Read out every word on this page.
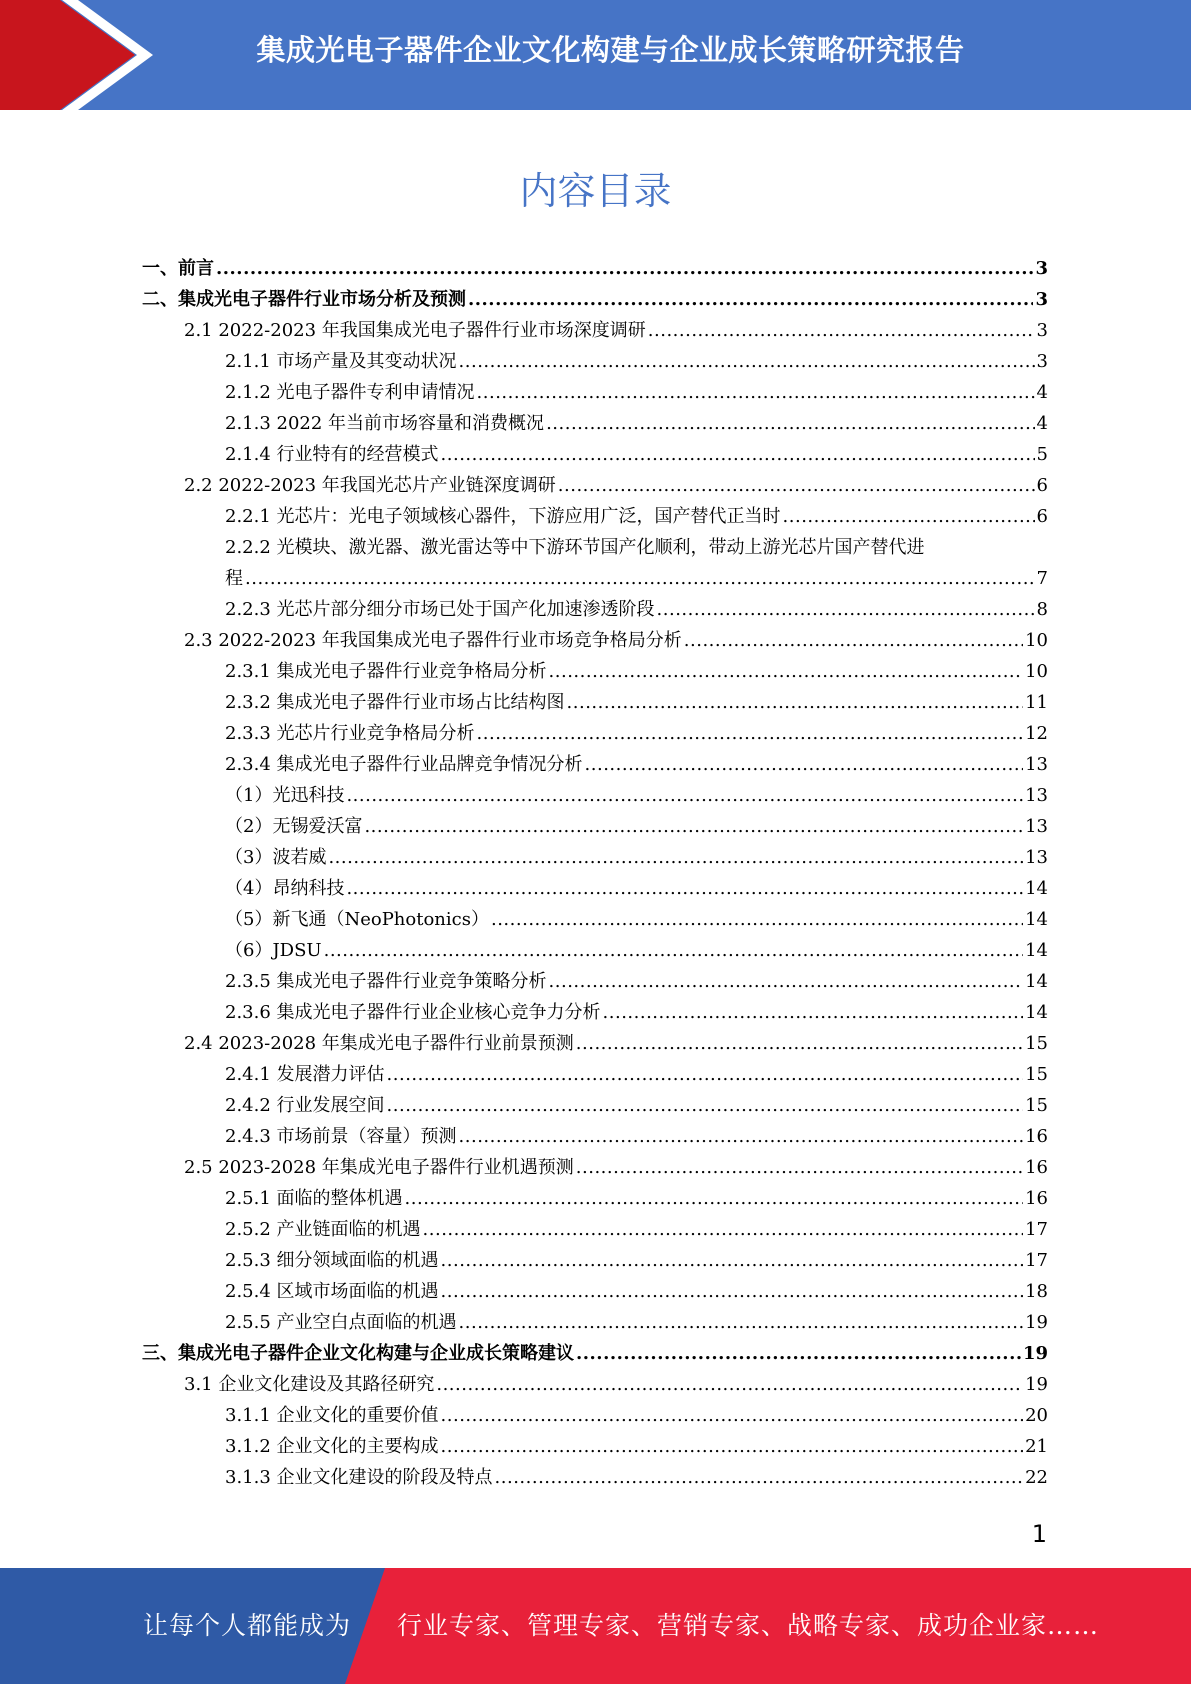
集成光电子器件企业文化构建与企业成长策略研究报告
内容目录
一、前言 .....	3
二、集成光电子器件行业市场分析及预测 .....	3
2.1 2022-2023 年我国集成光电子器件行业市场深度调研 .....	3
2.1.1 市场产量及其变动状况 .....	3
2.1.2 光电子器件专利申请情况 .....	4
2.1.3 2022 年当前市场容量和消费概况 .....	4
2.1.4 行业特有的经营模式 .....	5
2.2 2022-2023 年我国光芯片产业链深度调研 .....	6
2.2.1 光芯片：光电子领域核心器件，下游应用广泛，国产替代正当时 .....	6
2.2.2 光模块、激光器、激光雷达等中下游环节国产化顺利，带动上游光芯片国产替代进
程 .....	7
2.2.3 光芯片部分细分市场已处于国产化加速渗透阶段 .....	8
2.3 2022-2023 年我国集成光电子器件行业市场竞争格局分析 .....	10
2.3.1 集成光电子器件行业竞争格局分析 .....	10
2.3.2 集成光电子器件行业市场占比结构图 .....	11
2.3.3 光芯片行业竞争格局分析 .....	12
2.3.4 集成光电子器件行业品牌竞争情况分析 .....	13
（1）光迅科技 .....	13
（2）无锡爱沃富 .....	13
（3）波若威 .....	13
（4）昂纳科技 .....	14
（5）新飞通（NeoPhotonics） .....	14
（6）JDSU .....	14
2.3.5 集成光电子器件行业竞争策略分析 .....	14
2.3.6 集成光电子器件行业企业核心竞争力分析 .....	14
2.4 2023-2028 年集成光电子器件行业前景预测 .....	15
2.4.1 发展潜力评估 .....	15
2.4.2 行业发展空间 .....	15
2.4.3 市场前景（容量）预测 .....	16
2.5 2023-2028 年集成光电子器件行业机遇预测 .....	16
2.5.1 面临的整体机遇 .....	16
2.5.2 产业链面临的机遇 .....	17
2.5.3 细分领域面临的机遇 .....	17
2.5.4 区域市场面临的机遇 .....	18
2.5.5 产业空白点面临的机遇 .....	19
三、集成光电子器件企业文化构建与企业成长策略建议 .....	19
3.1 企业文化建设及其路径研究 .....	19
3.1.1 企业文化的重要价值 .....	20
3.1.2 企业文化的主要构成 .....	21
3.1.3 企业文化建设的阶段及特点 .....	22
1
让每个人都能成为 行业专家、管理专家、营销专家、战略专家、成功企业家……
